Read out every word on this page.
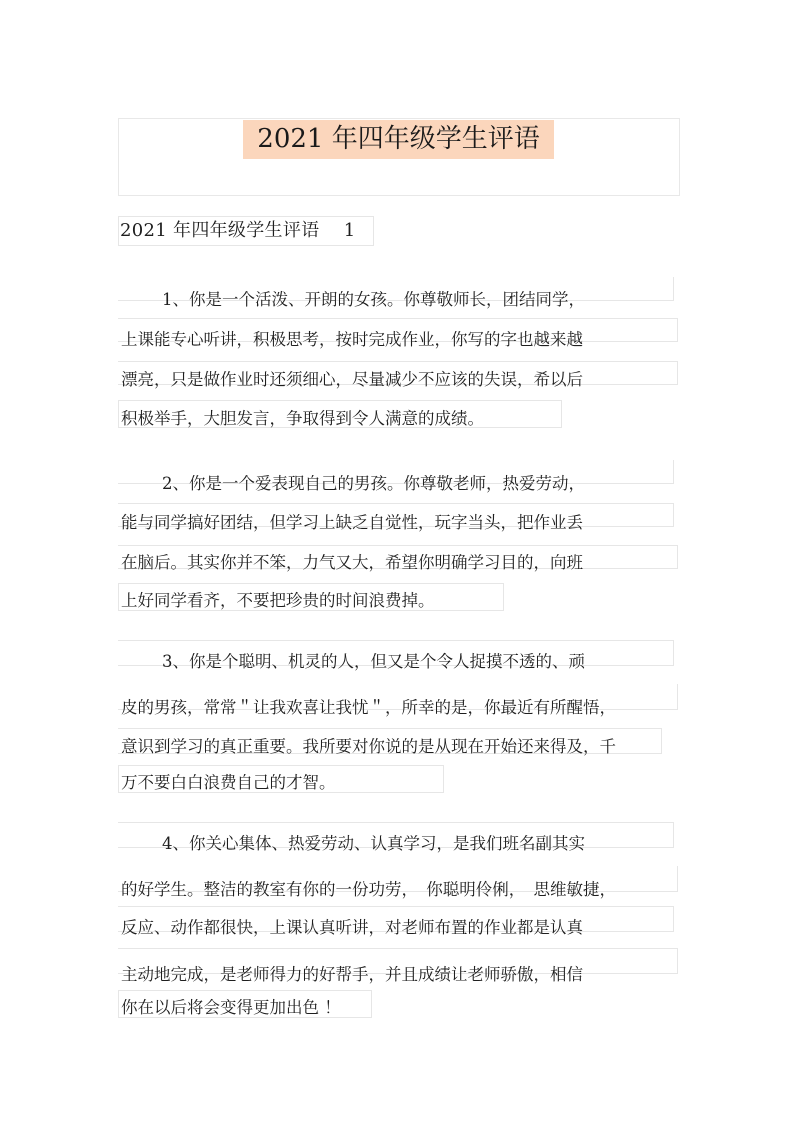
2021 年四年级学生评语
2021 年四年级学生评语　 1
1、你是一个活泼、开朗的女孩。你尊敬师长，团结同学，
上课能专心听讲，积极思考，按时完成作业，你写的字也越来越
漂亮，只是做作业时还须细心，尽量减少不应该的失误，希以后
积极举手，大胆发言，争取得到令人满意的成绩。
2、你是一个爱表现自己的男孩。你尊敬老师，热爱劳动，
能与同学搞好团结，但学习上缺乏自觉性，玩字当头，把作业丢
在脑后。其实你并不笨，力气又大，希望你明确学习目的，向班
上好同学看齐，不要把珍贵的时间浪费掉。
3、你是个聪明、机灵的人，但又是个令人捉摸不透的、顽
皮的男孩，常常＂让我欢喜让我忧＂，所幸的是，你最近有所醒悟，
意识到学习的真正重要。我所要对你说的是从现在开始还来得及，千
万不要白白浪费自己的才智。
4、你关心集体、热爱劳动、认真学习，是我们班名副其实
的好学生。整洁的教室有你的一份功劳，　你聪明伶俐，　思维敏捷，
反应、动作都很快，上课认真听讲，对老师布置的作业都是认真
主动地完成，是老师得力的好帮手，并且成绩让老师骄傲，相信
你在以后将会变得更加出色 ！
